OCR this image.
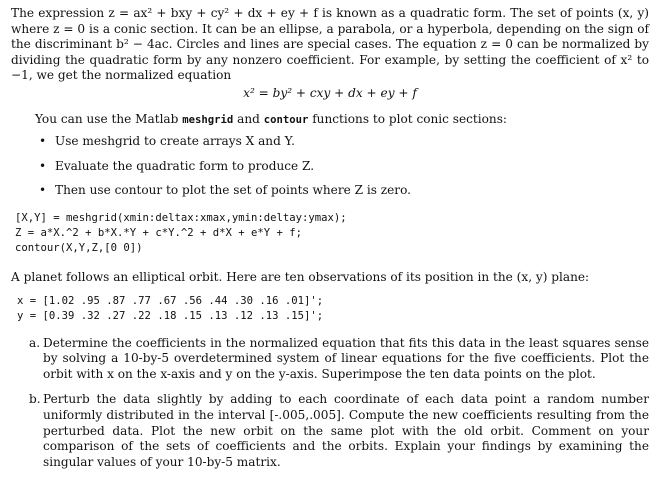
The expression z = ax² + bxy + cy² + dx + ey + f is known as a quadratic form. The set of points (x, y) where z = 0 is a conic section. It can be an ellipse, a parabola, or a hyperbola, depending on the sign of the discriminant b² − 4ac. Circles and lines are special cases. The equation z = 0 can be normalized by dividing the quadratic form by any nonzero coefficient. For example, by setting the coefficient of x² to −1, we get the normalized equation

x² = by² + cxy + dx + ey + f

You can use the Matlab meshgrid and contour functions to plot conic sections:

• Use meshgrid to create arrays X and Y.
• Evaluate the quadratic form to produce Z.
• Then use contour to plot the set of points where Z is zero.
[X,Y] = meshgrid(xmin:deltax:xmax,ymin:deltay:ymax);
Z = a*X.^2 + b*X.*Y + c*Y.^2 + d*X + e*Y + f;
contour(X,Y,Z,[0 0])

A planet follows an elliptical orbit. Here are ten observations of its position in the (x, y) plane:

x = [1.02 .95 .87 .77 .67 .56 .44 .30 .16 .01]';
y = [0.39 .32 .27 .22 .18 .15 .13 .12 .13 .15]';
a. Determine the coefficients in the normalized equation that fits this data in the least squares sense by solving a 10-by-5 overdetermined system of linear equations for the five coefficients. Plot the orbit with x on the x-axis and y on the y-axis. Superimpose the ten data points on the plot.
b. Perturb the data slightly by adding to each coordinate of each data point a random number uniformly distributed in the interval [-.005,.005]. Compute the new coefficients resulting from the perturbed data. Plot the new orbit on the same plot with the old orbit. Comment on your comparison of the sets of coefficients and the orbits. Explain your findings by examining the singular values of your 10-by-5 matrix.
